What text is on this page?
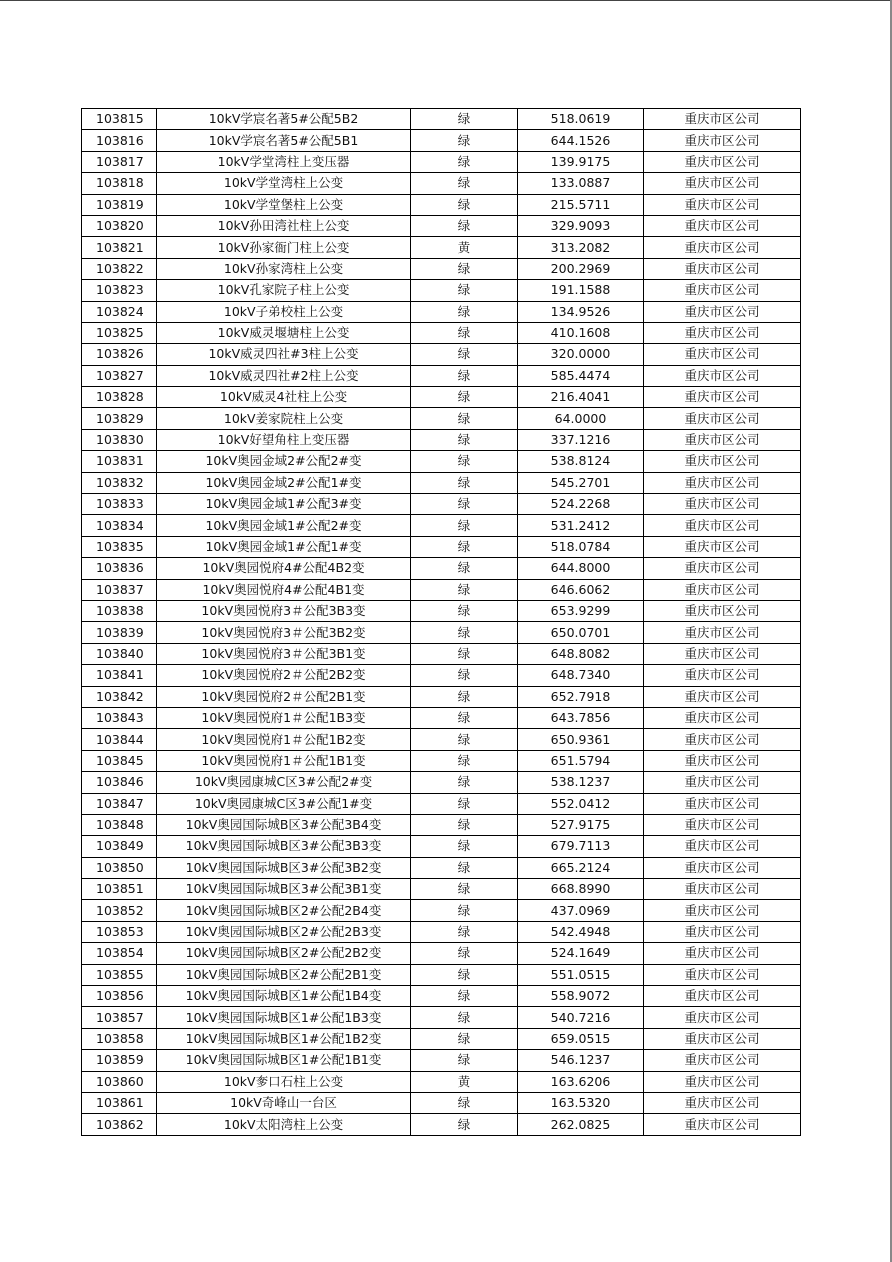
103815	10kV学宸名著5#公配5B2	绿	518.0619	重庆市区公司
103816	10kV学宸名著5#公配5B1	绿	644.1526	重庆市区公司
103817	10kV学堂湾柱上变压器	绿	139.9175	重庆市区公司
103818	10kV学堂湾柱上公变	绿	133.0887	重庆市区公司
103819	10kV学堂堡柱上公变	绿	215.5711	重庆市区公司
103820	10kV孙田湾社柱上公变	绿	329.9093	重庆市区公司
103821	10kV孙家衙门柱上公变	黄	313.2082	重庆市区公司
103822	10kV孙家湾柱上公变	绿	200.2969	重庆市区公司
103823	10kV孔家院子柱上公变	绿	191.1588	重庆市区公司
103824	10kV子弟校柱上公变	绿	134.9526	重庆市区公司
103825	10kV威灵堰塘柱上公变	绿	410.1608	重庆市区公司
103826	10kV威灵四社#3柱上公变	绿	320.0000	重庆市区公司
103827	10kV威灵四社#2柱上公变	绿	585.4474	重庆市区公司
103828	10kV威灵4社柱上公变	绿	216.4041	重庆市区公司
103829	10kV姜家院柱上公变	绿	64.0000	重庆市区公司
103830	10kV好望角柱上变压器	绿	337.1216	重庆市区公司
103831	10kV奥园金域2#公配2#变	绿	538.8124	重庆市区公司
103832	10kV奥园金域2#公配1#变	绿	545.2701	重庆市区公司
103833	10kV奥园金域1#公配3#变	绿	524.2268	重庆市区公司
103834	10kV奥园金域1#公配2#变	绿	531.2412	重庆市区公司
103835	10kV奥园金域1#公配1#变	绿	518.0784	重庆市区公司
103836	10kV奥园悦府4#公配4B2变	绿	644.8000	重庆市区公司
103837	10kV奥园悦府4#公配4B1变	绿	646.6062	重庆市区公司
103838	10kV奥园悦府3＃公配3B3变	绿	653.9299	重庆市区公司
103839	10kV奥园悦府3＃公配3B2变	绿	650.0701	重庆市区公司
103840	10kV奥园悦府3＃公配3B1变	绿	648.8082	重庆市区公司
103841	10kV奥园悦府2＃公配2B2变	绿	648.7340	重庆市区公司
103842	10kV奥园悦府2＃公配2B1变	绿	652.7918	重庆市区公司
103843	10kV奥园悦府1＃公配1B3变	绿	643.7856	重庆市区公司
103844	10kV奥园悦府1＃公配1B2变	绿	650.9361	重庆市区公司
103845	10kV奥园悦府1＃公配1B1变	绿	651.5794	重庆市区公司
103846	10kV奥园康城C区3#公配2#变	绿	538.1237	重庆市区公司
103847	10kV奥园康城C区3#公配1#变	绿	552.0412	重庆市区公司
103848	10kV奥园国际城B区3#公配3B4变	绿	527.9175	重庆市区公司
103849	10kV奥园国际城B区3#公配3B3变	绿	679.7113	重庆市区公司
103850	10kV奥园国际城B区3#公配3B2变	绿	665.2124	重庆市区公司
103851	10kV奥园国际城B区3#公配3B1变	绿	668.8990	重庆市区公司
103852	10kV奥园国际城B区2#公配2B4变	绿	437.0969	重庆市区公司
103853	10kV奥园国际城B区2#公配2B3变	绿	542.4948	重庆市区公司
103854	10kV奥园国际城B区2#公配2B2变	绿	524.1649	重庆市区公司
103855	10kV奥园国际城B区2#公配2B1变	绿	551.0515	重庆市区公司
103856	10kV奥园国际城B区1#公配1B4变	绿	558.9072	重庆市区公司
103857	10kV奥园国际城B区1#公配1B3变	绿	540.7216	重庆市区公司
103858	10kV奥园国际城B区1#公配1B2变	绿	659.0515	重庆市区公司
103859	10kV奥园国际城B区1#公配1B1变	绿	546.1237	重庆市区公司
103860	10kV奓口石柱上公变	黄	163.6206	重庆市区公司
103861	10kV奇峰山一台区	绿	163.5320	重庆市区公司
103862	10kV太阳湾柱上公变	绿	262.0825	重庆市区公司
